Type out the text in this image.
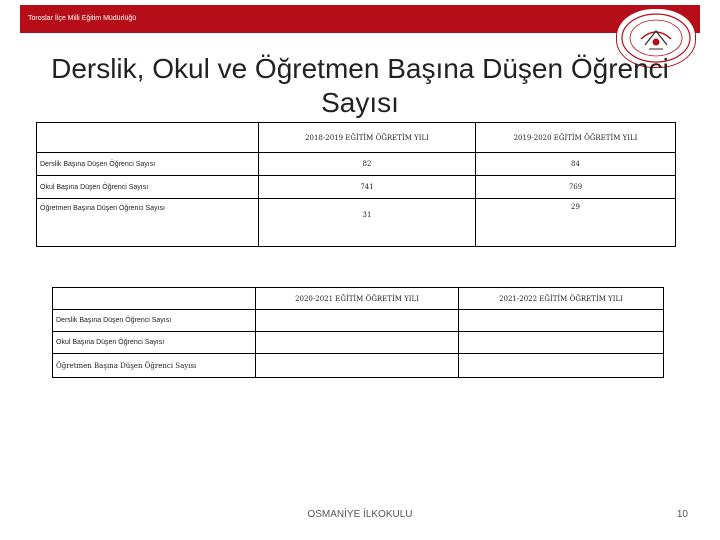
Toroslar İlçe Milli Eğitim Müdürlüğü
Derslik, Okul ve Öğretmen Başına Düşen Öğrenci Sayısı
	2018-2019 EĞİTİM ÖĞRETİM YILI	2019-2020 EĞİTİM ÖĞRETİM YILI
Derslik Başına Düşen Öğrenci Sayısı	82	84
Okul Başına Düşen Öğrenci Sayısı	741	769
Öğretmen Başına Düşen Öğrenci Sayısı	31	29
	2020-2021 EĞİTİM ÖĞRETİM YILI	2021-2022 EĞİTİM ÖĞRETİM YILI
Derslik Başına Düşen Öğrenci Sayısı		
Okul Başına Düşen Öğrenci Sayısı		
Öğretmen Başına Düşen Öğrenci Sayısı		
OSMANİYE İLKOKULU	10
